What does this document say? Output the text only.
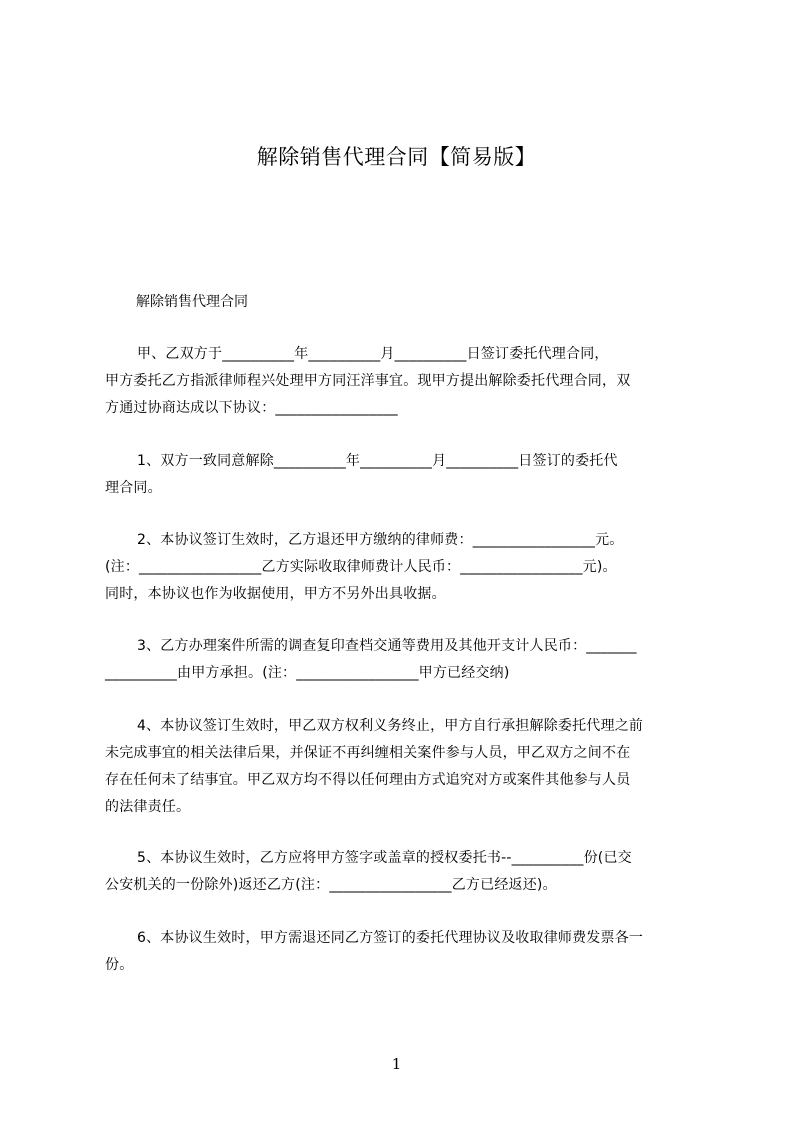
解除销售代理合同【简易版】
解除销售代理合同
甲、乙双方于__________年__________月__________日签订委托代理合同，
甲方委托乙方指派律师程兴处理甲方同汪洋事宜。现甲方提出解除委托代理合同，双
方通过协商达成以下协议：_________________
1、双方一致同意解除__________年__________月__________日签订的委托代
理合同。
2、本协议签订生效时，乙方退还甲方缴纳的律师费：_________________元。
(注：_________________乙方实际收取律师费计人民币：_________________元)。
同时，本协议也作为收据使用，甲方不另外出具收据。
3、乙方办理案件所需的调查复印查档交通等费用及其他开支计人民币：_______
__________由甲方承担。(注：_________________甲方已经交纳)
4、本协议签订生效时，甲乙双方权利义务终止，甲方自行承担解除委托代理之前
未完成事宜的相关法律后果，并保证不再纠缠相关案件参与人员，甲乙双方之间不在
存在任何未了结事宜。甲乙双方均不得以任何理由方式追究对方或案件其他参与人员
的法律责任。
5、本协议生效时，乙方应将甲方签字或盖章的授权委托书--__________份(已交
公安机关的一份除外)返还乙方(注：_________________乙方已经返还)。
6、本协议生效时，甲方需退还同乙方签订的委托代理协议及收取律师费发票各一
份。
1
